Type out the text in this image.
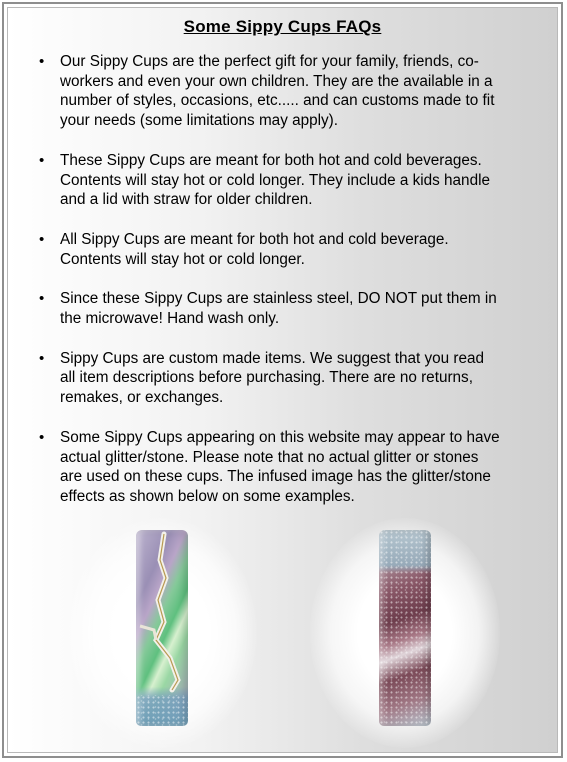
Some Sippy Cups FAQs
• Our Sippy Cups are the perfect gift for your family, friends, co-
workers and even your own children. They are the available in a
number of styles, occasions, etc..... and can customs made to fit
your needs (some limitations may apply).
• These Sippy Cups are meant for both hot and cold beverages.
Contents will stay hot or cold longer. They include a kids handle
and a lid with straw for older children.
• All Sippy Cups are meant for both hot and cold beverage.
Contents will stay hot or cold longer.
• Since these Sippy Cups are stainless steel, DO NOT put them in
the microwave! Hand wash only.
• Sippy Cups are custom made items. We suggest that you read
all item descriptions before purchasing. There are no returns,
remakes, or exchanges.
• Some Sippy Cups appearing on this website may appear to have
actual glitter/stone. Please note that no actual glitter or stones
are used on these cups. The infused image has the glitter/stone
effects as shown below on some examples.
